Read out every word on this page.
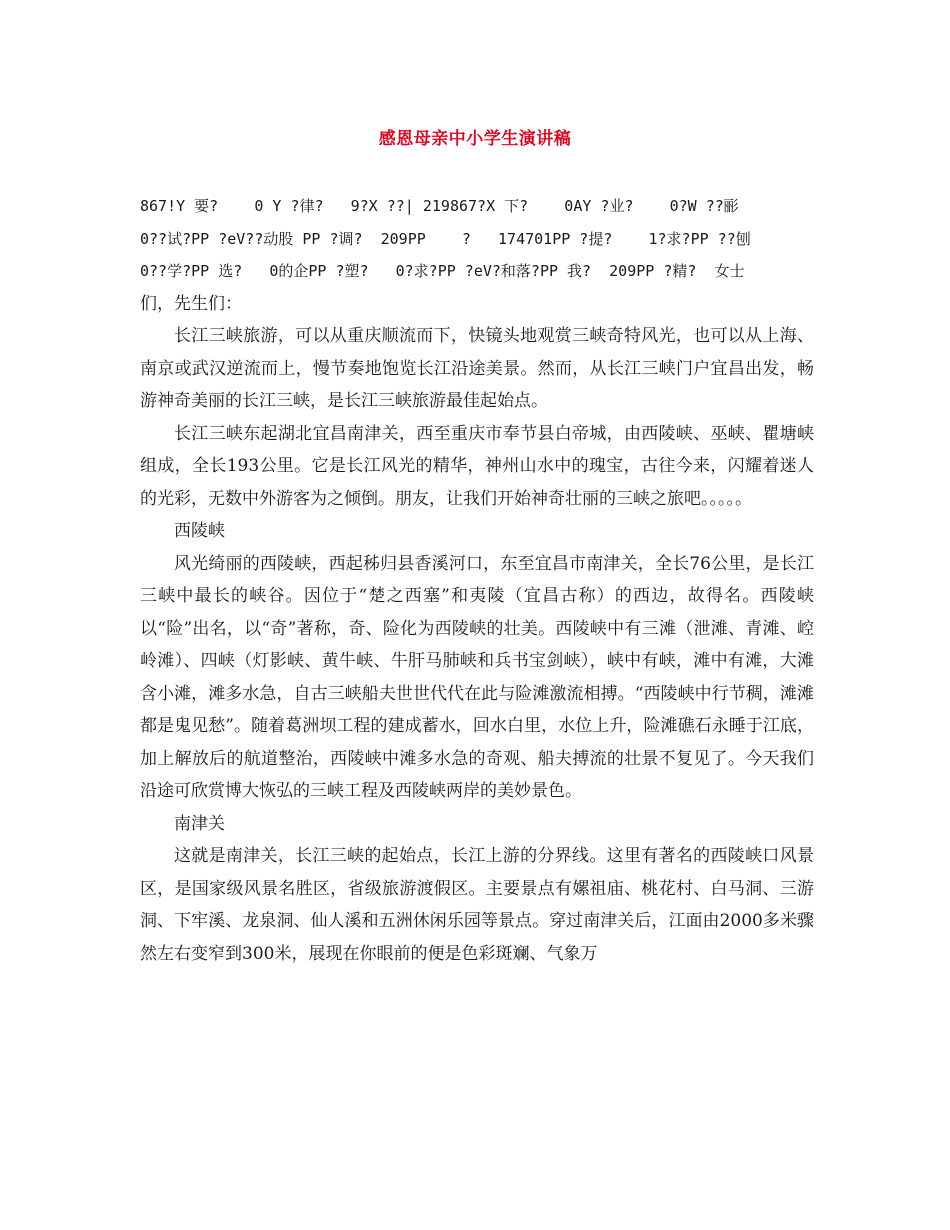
感恩母亲中小学生演讲稿

867!Y 要?    0 Y ?律?   9?X ??| 219867?X 下?    0AY ?业?    0?W ??彨

0??试?PP ?eV??动股 PP ?调?  209PP    ?   174701PP ?提?    1?求?PP ??刨

0??学?PP 选?   0的企PP ?塑?   0?求?PP ?eV?和落?PP 我?  209PP ?精?  女士

们，先生们：

长江三峡旅游，可以从重庆顺流而下，快镜头地观赏三峡奇特风光，也可以从上海、南京或武汉逆流而上，慢节奏地饱览长江沿途美景。然而，从长江三峡门户宜昌出发，畅游神奇美丽的长江三峡，是长江三峡旅游最佳起始点。

长江三峡东起湖北宜昌南津关，西至重庆市奉节县白帝城，由西陵峡、巫峡、瞿塘峡组成，全长193公里。它是长江风光的精华，神州山水中的瑰宝，古往今来，闪耀着迷人的光彩，无数中外游客为之倾倒。朋友，让我们开始神奇壮丽的三峡之旅吧。。。。。

西陵峡

风光绮丽的西陵峡，西起秭归县香溪河口，东至宜昌市南津关，全长76公里，是长江三峡中最长的峡谷。因位于“楚之西塞”和夷陵（宜昌古称）的西边，故得名。西陵峡以“险”出名，以“奇”著称，奇、险化为西陵峡的壮美。西陵峡中有三滩（泄滩、青滩、崆岭滩）、四峡（灯影峡、黄牛峡、牛肝马肺峡和兵书宝剑峡），峡中有峡，滩中有滩，大滩含小滩，滩多水急，自古三峡船夫世世代代在此与险滩激流相搏。“西陵峡中行节稠，滩滩都是鬼见愁”。随着葛洲坝工程的建成蓄水，回水白里，水位上升，险滩礁石永睡于江底，加上解放后的航道整治，西陵峡中滩多水急的奇观、船夫搏流的壮景不复见了。今天我们沿途可欣赏博大恢弘的三峡工程及西陵峡两岸的美妙景色。

南津关

这就是南津关，长江三峡的起始点，长江上游的分界线。这里有著名的西陵峡口风景区，是国家级风景名胜区，省级旅游渡假区。主要景点有嫘祖庙、桃花村、白马洞、三游洞、下牢溪、龙泉洞、仙人溪和五洲休闲乐园等景点。穿过南津关后，江面由2000多米骤然左右变窄到300米，展现在你眼前的便是色彩斑斓、气象万
